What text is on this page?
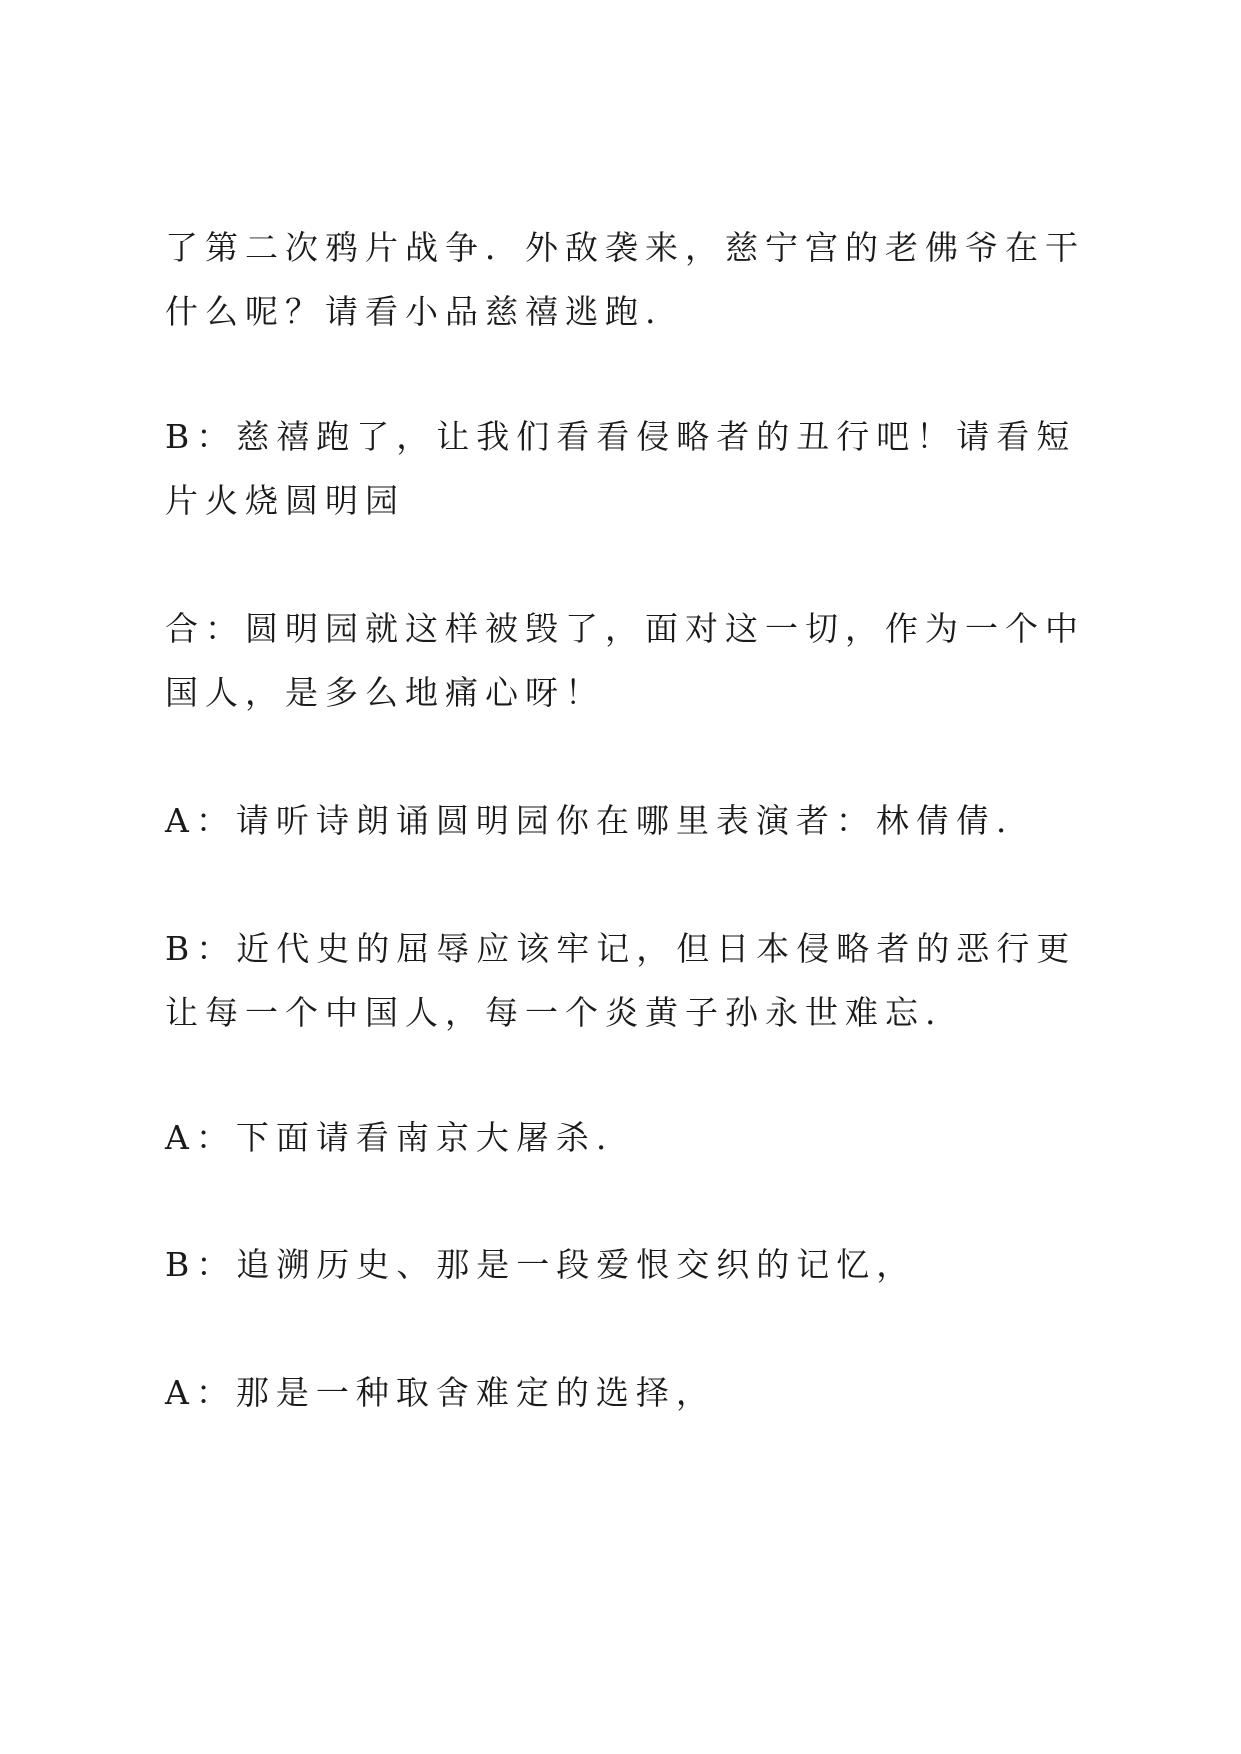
了第二次鸦片战争．外敌袭来，慈宁宫的老佛爷在干什么呢？请看小品慈禧逃跑.

B：慈禧跑了，让我们看看侵略者的丑行吧！请看短片火烧圆明园

合：圆明园就这样被毁了，面对这一切，作为一个中国人，是多么地痛心呀！

A：请听诗朗诵圆明园你在哪里表演者：林倩倩.

B：近代史的屈辱应该牢记，但日本侵略者的恶行更让每一个中国人，每一个炎黄子孙永世难忘.

A：下面请看南京大屠杀.

B：追溯历史、那是一段爱恨交织的记忆，

A：那是一种取舍难定的选择，
